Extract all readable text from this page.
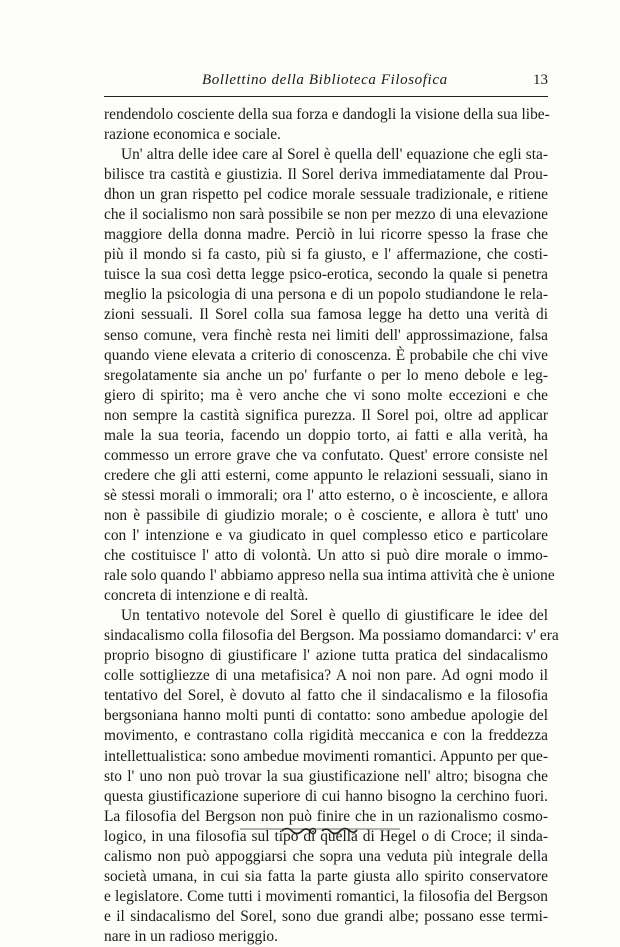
Bollettino della Biblioteca Filosofica	13

rendendolo cosciente della sua forza e dandogli la visione della sua libe-
razione economica e sociale.

Un' altra delle idee care al Sorel è quella dell' equazione che egli sta-
bilisce tra castità e giustizia. Il Sorel deriva immediatamente dal Prou-
dhon un gran rispetto pel codice morale sessuale tradizionale, e ritiene
che il socialismo non sarà possibile se non per mezzo di una elevazione
maggiore della donna madre. Perciò in lui ricorre spesso la frase che
più il mondo si fa casto, più si fa giusto, e l' affermazione, che costi-
tuisce la sua così detta legge psico-erotica, secondo la quale si penetra
meglio la psicologia di una persona e di un popolo studiandone le rela-
zioni sessuali. Il Sorel colla sua famosa legge ha detto una verità di
senso comune, vera finchè resta nei limiti dell' approssimazione, falsa
quando viene elevata a criterio di conoscenza. È probabile che chi vive
sregolatamente sia anche un po' furfante o per lo meno debole e leg-
giero di spirito; ma è vero anche che vi sono molte eccezioni e che
non sempre la castità significa purezza. Il Sorel poi, oltre ad applicar
male la sua teoria, facendo un doppio torto, ai fatti e alla verità, ha
commesso un errore grave che va confutato. Quest' errore consiste nel
credere che gli atti esterni, come appunto le relazioni sessuali, siano in
sè stessi morali o immorali; ora l' atto esterno, o è incosciente, e allora
non è passibile di giudizio morale; o è cosciente, e allora è tutt' uno
con l' intenzione e va giudicato in quel complesso etico e particolare
che costituisce l' atto di volontà. Un atto si può dire morale o immo-
rale solo quando l' abbiamo appreso nella sua intima attività che è unione
concreta di intenzione e di realtà.

Un tentativo notevole del Sorel è quello di giustificare le idee del
sindacalismo colla filosofia del Bergson. Ma possiamo domandarci: v' era
proprio bisogno di giustificare l' azione tutta pratica del sindacalismo
colle sottigliezze di una metafisica? A noi non pare. Ad ogni modo il
tentativo del Sorel, è dovuto al fatto che il sindacalismo e la filosofia
bergsoniana hanno molti punti di contatto: sono ambedue apologie del
movimento, e contrastano colla rigidità meccanica e con la freddezza
intellettualistica: sono ambedue movimenti romantici. Appunto per que-
sto l' uno non può trovar la sua giustificazione nell' altro; bisogna che
questa giustificazione superiore di cui hanno bisogno la cerchino fuori.
La filosofia del Bergson non può finire che in un razionalismo cosmo-
logico, in una filosofia sul tipo di quella di Hegel o di Croce; il sinda-
calismo non può appoggiarsi che sopra una veduta più integrale della
società umana, in cui sia fatta la parte giusta allo spirito conservatore
e legislatore. Come tutti i movimenti romantici, la filosofia del Bergson
e il sindacalismo del Sorel, sono due grandi albe; possano esse termi-
nare in un radioso meriggio.
